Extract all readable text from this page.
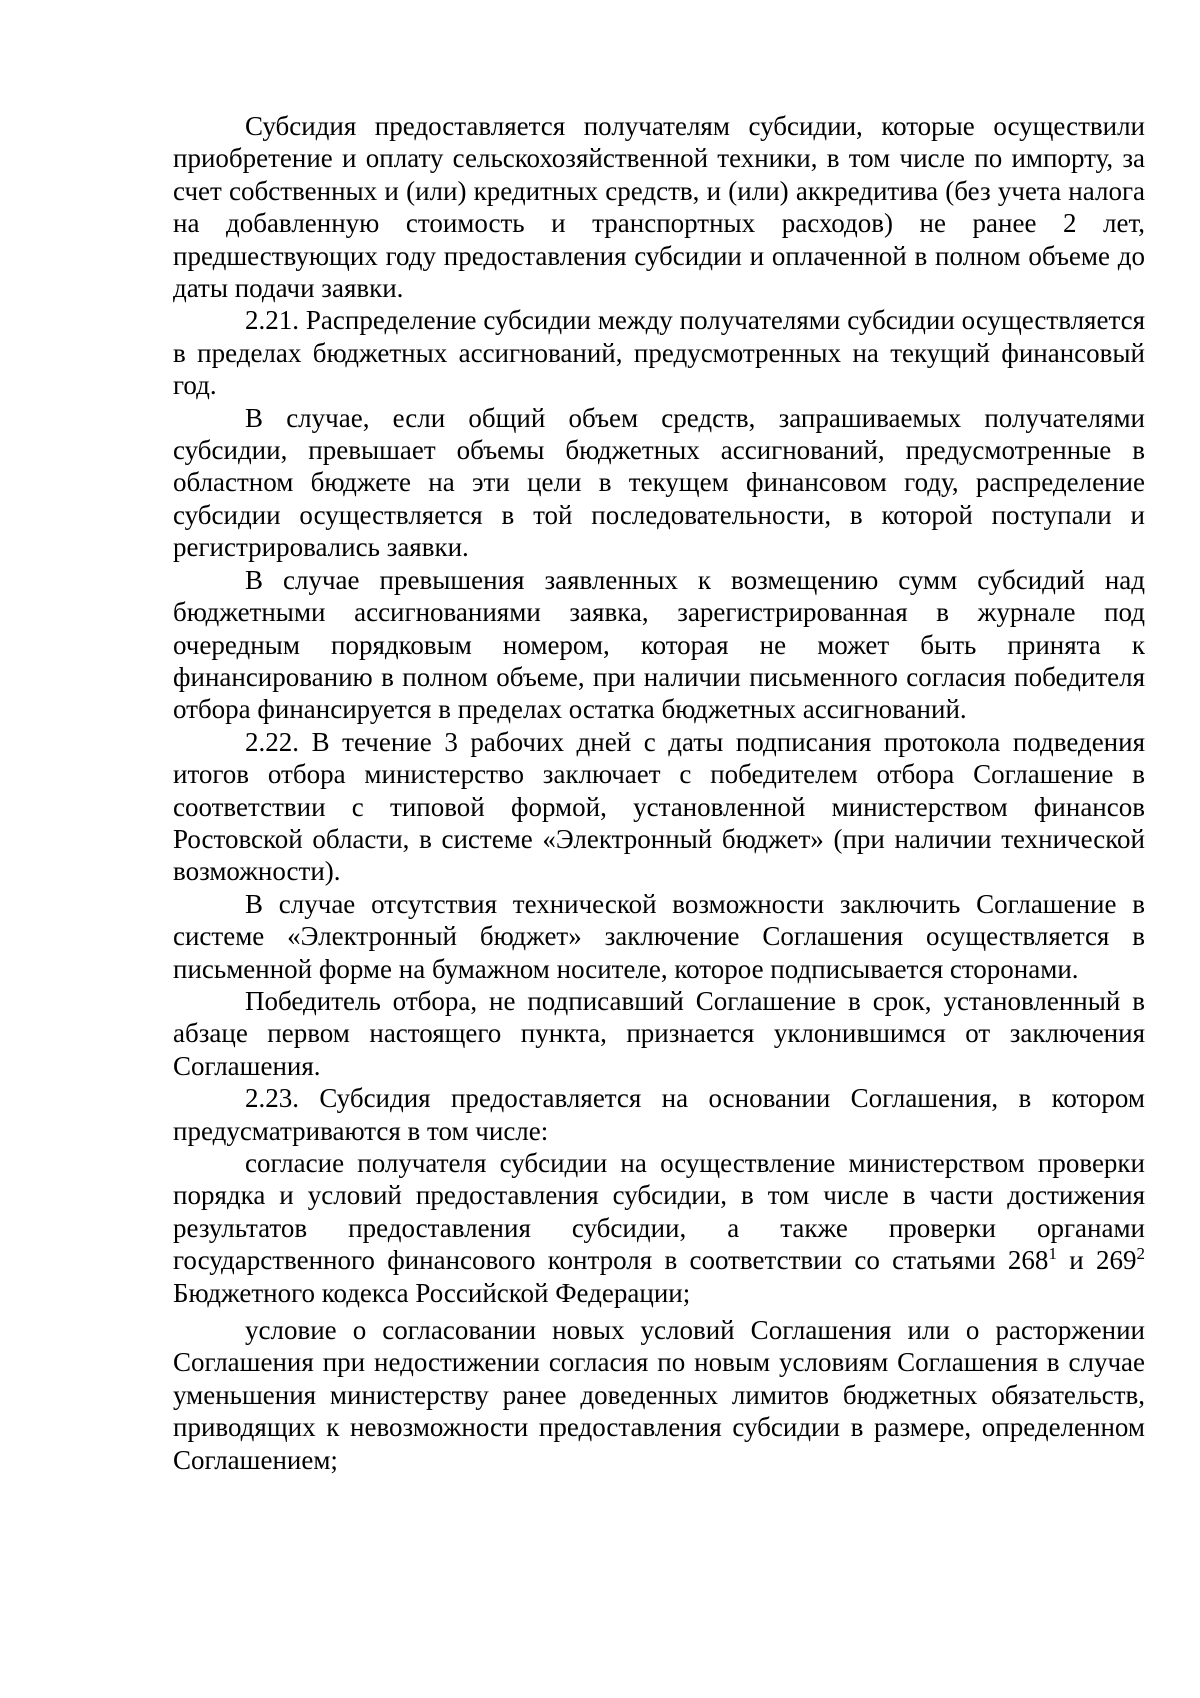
Субсидия предоставляется получателям субсидии, которые осуществили приобретение и оплату сельскохозяйственной техники, в том числе по импорту, за счет собственных и (или) кредитных средств, и (или) аккредитива (без учета налога на добавленную стоимость и транспортных расходов) не ранее 2 лет, предшествующих году предоставления субсидии и оплаченной в полном объеме до даты подачи заявки.

2.21. Распределение субсидии между получателями субсидии осуществляется в пределах бюджетных ассигнований, предусмотренных на текущий финансовый год.

В случае, если общий объем средств, запрашиваемых получателями субсидии, превышает объемы бюджетных ассигнований, предусмотренные в областном бюджете на эти цели в текущем финансовом году, распределение субсидии осуществляется в той последовательности, в которой поступали и регистрировались заявки.

В случае превышения заявленных к возмещению сумм субсидий над бюджетными ассигнованиями заявка, зарегистрированная в журнале под очередным порядковым номером, которая не может быть принята к финансированию в полном объеме, при наличии письменного согласия победителя отбора финансируется в пределах остатка бюджетных ассигнований.

2.22. В течение 3 рабочих дней с даты подписания протокола подведения итогов отбора министерство заключает с победителем отбора Соглашение в соответствии с типовой формой, установленной министерством финансов Ростовской области, в системе «Электронный бюджет» (при наличии технической возможности).

В случае отсутствия технической возможности заключить Соглашение в системе «Электронный бюджет» заключение Соглашения осуществляется в письменной форме на бумажном носителе, которое подписывается сторонами.

Победитель отбора, не подписавший Соглашение в срок, установленный в абзаце первом настоящего пункта, признается уклонившимся от заключения Соглашения.

2.23. Субсидия предоставляется на основании Соглашения, в котором предусматриваются в том числе:

согласие получателя субсидии на осуществление министерством проверки порядка и условий предоставления субсидии, в том числе в части достижения результатов предоставления субсидии, а также проверки органами государственного финансового контроля в соответствии со статьями $268^1$ и $269^2$ Бюджетного кодекса Российской Федерации;

условие о согласовании новых условий Соглашения или о расторжении Соглашения при недостижении согласия по новым условиям Соглашения в случае уменьшения министерству ранее доведенных лимитов бюджетных обязательств, приводящих к невозможности предоставления субсидии в размере, определенном Соглашением;
